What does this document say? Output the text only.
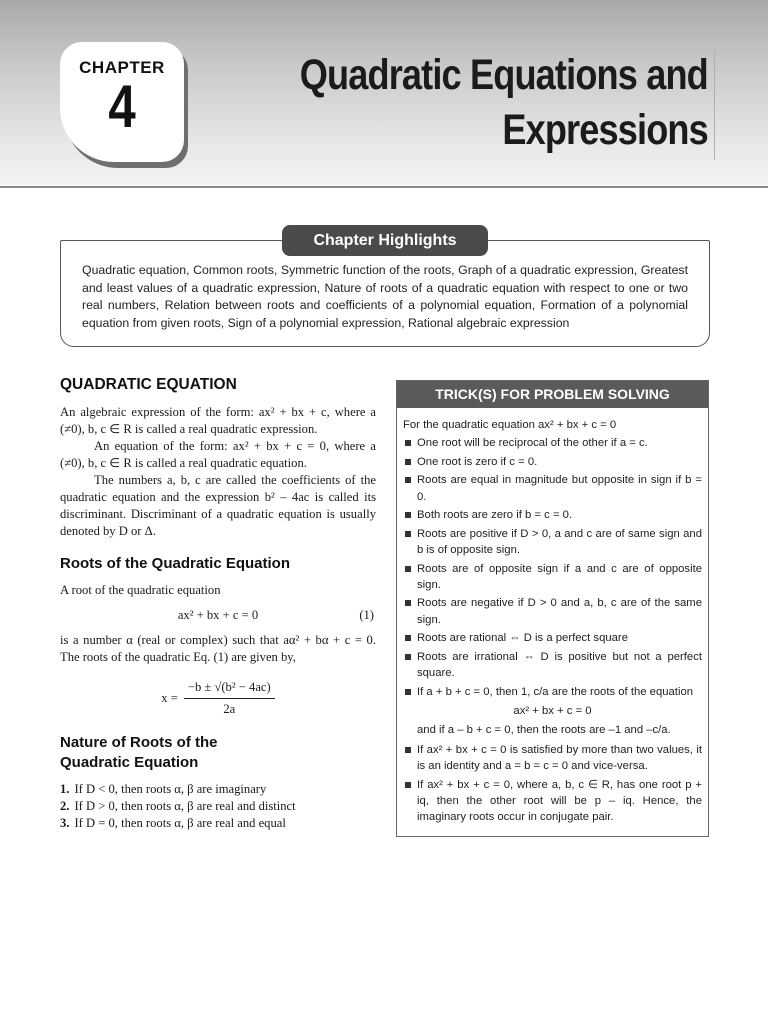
CHAPTER
4	Quadratic Equations and
Expressions
Chapter Highlights
Quadratic equation, Common roots, Symmetric function of the roots, Graph of a quadratic expression, Greatest and least values of a quadratic expression, Nature of roots of a quadratic equation with respect to one or two real numbers, Relation between roots and coefficients of a polynomial equation, Formation of a polynomial equation from given roots, Sign of a polynomial expression, Rational algebraic expression
QUADRATIC EQUATION

An algebraic expression of the form: ax² + bx + c, where a (≠0), b, c ∈ R is called a real quadratic expression.

An equation of the form: ax² + bx + c = 0, where a (≠0), b, c ∈ R is called a real quadratic equation.

The numbers a, b, c are called the coefficients of the quadratic equation and the expression b² – 4ac is called its discriminant. Discriminant of a quadratic equation is usually denoted by D or Δ.

Roots of the Quadratic Equation

A root of the quadratic equation

ax² + bx + c = 0	(1)

is a number α (real or complex) such that aα² + bα + c = 0. The roots of the quadratic Eq. (1) are given by,

$x = \frac{\text{−b ± √(b² − 4ac)}}{2a}$
Nature of Roots of the
Quadratic Equation
1. If D < 0, then roots α, β are imaginary
2. If D > 0, then roots α, β are real and distinct
3. If D = 0, then roots α, β are real and equal
TRICK(S) FOR PROBLEM SOLVING
For the quadratic equation ax² + bx + c = 0
One root will be reciprocal of the other if a = c.
One root is zero if c = 0.
Roots are equal in magnitude but opposite in sign if b = 0.
Both roots are zero if b = c = 0.
Roots are positive if D > 0, a and c are of same sign and b is of opposite sign.
Roots are of opposite sign if a and c are of opposite sign.
Roots are negative if D > 0 and a, b, c are of the same sign.
Roots are rational ⇔ D is a perfect square
Roots are irrational ⇔ D is positive but not a perfect square.
If a + b + c = 0, then 1, c/a are the roots of the equation
ax² + bx + c = 0
and if a – b + c = 0, then the roots are –1 and –c/a.
If ax² + bx + c = 0 is satisfied by more than two values, it is an identity and a = b = c = 0 and vice-versa.
If ax² + bx + c = 0, where a, b, c ∈ R, has one root p + iq, then the other root will be p – iq. Hence, the imaginary roots occur in conjugate pair.
